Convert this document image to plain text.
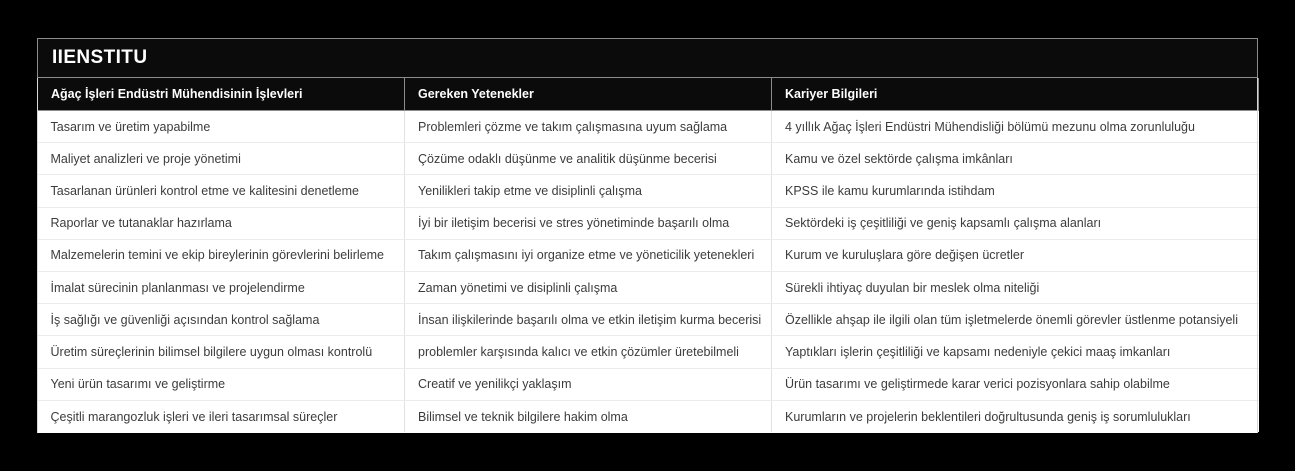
IIENSTITU
Ağaç İşleri Endüstri Mühendisinin İşlevleri	Gereken Yetenekler	Kariyer Bilgileri
Tasarım ve üretim yapabilme	Problemleri çözme ve takım çalışmasına uyum sağlama	4 yıllık Ağaç İşleri Endüstri Mühendisliği bölümü mezunu olma zorunluluğu
Maliyet analizleri ve proje yönetimi	Çözüme odaklı düşünme ve analitik düşünme becerisi	Kamu ve özel sektörde çalışma imkânları
Tasarlanan ürünleri kontrol etme ve kalitesini denetleme	Yenilikleri takip etme ve disiplinli çalışma	KPSS ile kamu kurumlarında istihdam
Raporlar ve tutanaklar hazırlama	İyi bir iletişim becerisi ve stres yönetiminde başarılı olma	Sektördeki iş çeşitliliği ve geniş kapsamlı çalışma alanları
Malzemelerin temini ve ekip bireylerinin görevlerini belirleme	Takım çalışmasını iyi organize etme ve yöneticilik yetenekleri	Kurum ve kuruluşlara göre değişen ücretler
İmalat sürecinin planlanması ve projelendirme	Zaman yönetimi ve disiplinli çalışma	Sürekli ihtiyaç duyulan bir meslek olma niteliği
İş sağlığı ve güvenliği açısından kontrol sağlama	İnsan ilişkilerinde başarılı olma ve etkin iletişim kurma becerisi	Özellikle ahşap ile ilgili olan tüm işletmelerde önemli görevler üstlenme potansiyeli
Üretim süreçlerinin bilimsel bilgilere uygun olması kontrolü	problemler karşısında kalıcı ve etkin çözümler üretebilmeli	Yaptıkları işlerin çeşitliliği ve kapsamı nedeniyle çekici maaş imkanları
Yeni ürün tasarımı ve geliştirme	Creatif ve yenilikçi yaklaşım	Ürün tasarımı ve geliştirmede karar verici pozisyonlara sahip olabilme
Çeşitli marangozluk işleri ve ileri tasarımsal süreçler	Bilimsel ve teknik bilgilere hakim olma	Kurumların ve projelerin beklentileri doğrultusunda geniş iş sorumlulukları
